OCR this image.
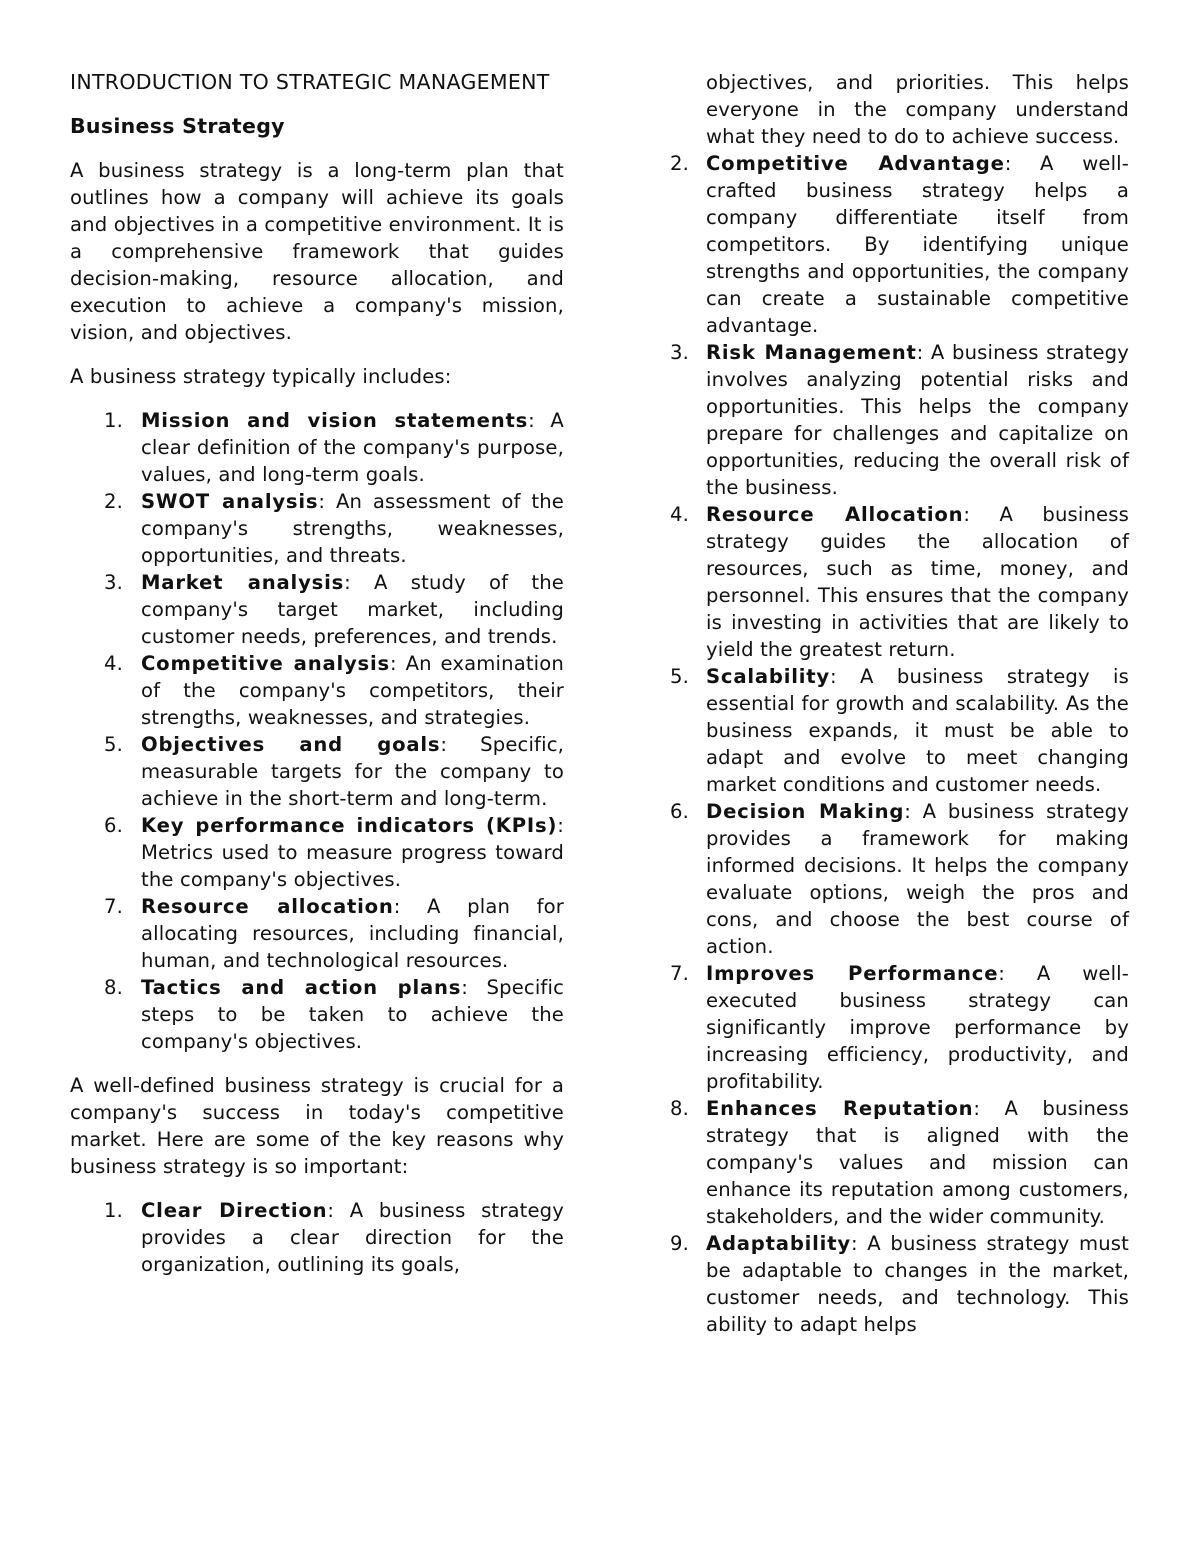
INTRODUCTION TO STRATEGIC MANAGEMENT
Business Strategy

A business strategy is a long-term plan that outlines how a company will achieve its goals and objectives in a competitive environment. It is a comprehensive framework that guides decision-making, resource allocation, and execution to achieve a company's mission, vision, and objectives.

A business strategy typically includes:

1. Mission and vision statements: A clear definition of the company's purpose, values, and long-term goals.
2. SWOT analysis: An assessment of the company's strengths, weaknesses, opportunities, and threats.
3. Market analysis: A study of the company's target market, including customer needs, preferences, and trends.
4. Competitive analysis: An examination of the company's competitors, their strengths, weaknesses, and strategies.
5. Objectives and goals: Specific, measurable targets for the company to achieve in the short-term and long-term.
6. Key performance indicators (KPIs): Metrics used to measure progress toward the company's objectives.
7. Resource allocation: A plan for allocating resources, including financial, human, and technological resources.
8. Tactics and action plans: Specific steps to be taken to achieve the company's objectives.

A well-defined business strategy is crucial for a company's success in today's competitive market. Here are some of the key reasons why business strategy is so important:

1. Clear Direction: A business strategy provides a clear direction for the organization, outlining its goals,
objectives, and priorities. This helps everyone in the company understand what they need to do to achieve success.
2. Competitive Advantage: A well-crafted business strategy helps a company differentiate itself from competitors. By identifying unique strengths and opportunities, the company can create a sustainable competitive advantage.
3. Risk Management: A business strategy involves analyzing potential risks and opportunities. This helps the company prepare for challenges and capitalize on opportunities, reducing the overall risk of the business.
4. Resource Allocation: A business strategy guides the allocation of resources, such as time, money, and personnel. This ensures that the company is investing in activities that are likely to yield the greatest return.
5. Scalability: A business strategy is essential for growth and scalability. As the business expands, it must be able to adapt and evolve to meet changing market conditions and customer needs.
6. Decision Making: A business strategy provides a framework for making informed decisions. It helps the company evaluate options, weigh the pros and cons, and choose the best course of action.
7. Improves Performance: A well-executed business strategy can significantly improve performance by increasing efficiency, productivity, and profitability.
8. Enhances Reputation: A business strategy that is aligned with the company's values and mission can enhance its reputation among customers, stakeholders, and the wider community.
9. Adaptability: A business strategy must be adaptable to changes in the market, customer needs, and technology. This ability to adapt helps
